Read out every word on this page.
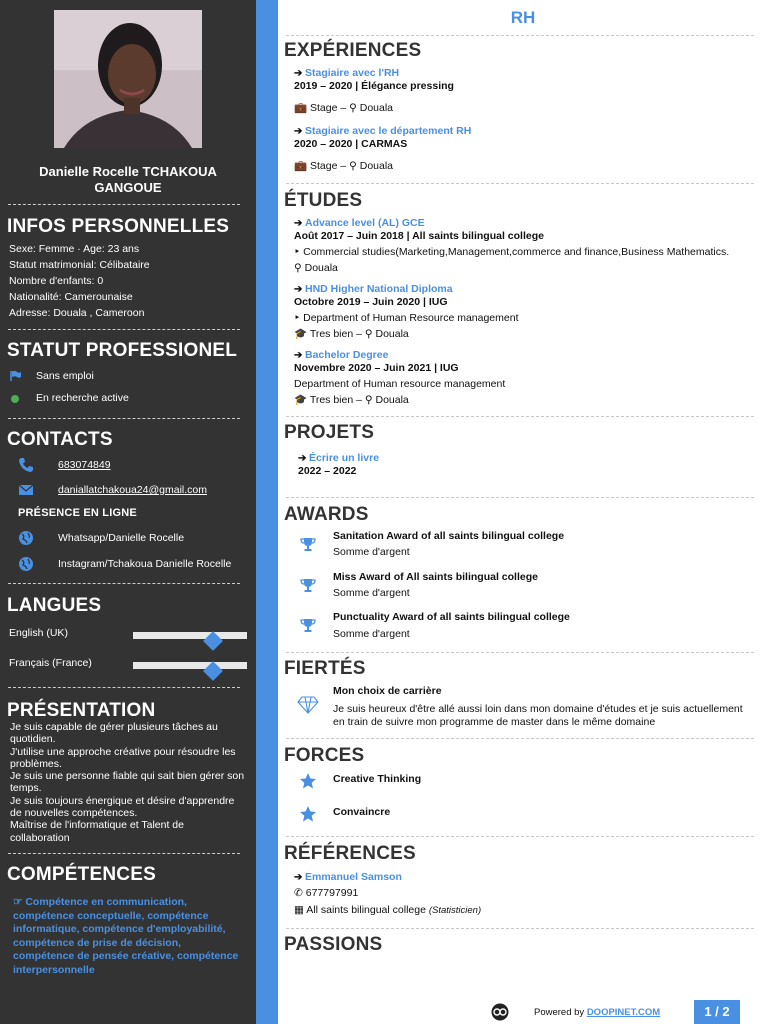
Danielle Rocelle TCHAKOUA
GANGOUE
INFOS PERSONNELLES
Sexe: Femme · Age: 23 ans
Statut matrimonial: Célibataire
Nombre d'enfants: 0
Nationalité: Camerounaise
Adresse: Douala , Cameroon
STATUT PROFESSIONEL
Sans emploi
En recherche active
CONTACTS
683074849
daniallatchakoua24@gmail.com
PRÉSENCE EN LIGNE
Whatsapp/Danielle Rocelle
Instagram/Tchakoua Danielle Rocelle
LANGUES
English (UK)
Français (France)
PRÉSENTATION
Je suis capable de gérer plusieurs tâches au quotidien.
J'utilise une approche créative pour résoudre les problèmes.
Je suis une personne fiable qui sait bien gérer son temps.
Je suis toujours énergique et désire d'apprendre de nouvelles compétences.
Maîtrise de l'informatique et Talent de collaboration
COMPÉTENCES
☞ Compétence en communication, compétence conceptuelle, compétence informatique, compétence d'employabilité, compétence de prise de décision, compétence de pensée créative, compétence interpersonnelle
RH
EXPÉRIENCES
➔ Stagiaire avec l'RH
2019 – 2020 | Élégance pressing
💼 Stage – ⚲ Douala
➔ Stagiaire avec le département RH
2020 – 2020 | CARMAS
💼 Stage – ⚲ Douala
ÉTUDES
➔ Advance level (AL) GCE
Août 2017 – Juin 2018 | All saints bilingual college
‣ Commercial studies(Marketing,Management,commerce and finance,Business Mathematics.
⚲ Douala
➔ HND Higher National Diploma
Octobre 2019 – Juin 2020 | IUG
‣ Department of Human Resource management
🎓 Tres bien – ⚲ Douala
➔ Bachelor Degree
Novembre 2020 – Juin 2021 | IUG
Department of Human resource management
🎓 Tres bien – ⚲ Douala
PROJETS
➔ Écrire un livre
2022 – 2022
AWARDS
Sanitation Award of all saints bilingual college
Somme d'argent
Miss Award of All saints bilingual college
Somme d'argent
Punctuality Award of all saints bilingual college
Somme d'argent
FIERTÉS
Mon choix de carrière
Je suis heureux d'être allé aussi loin dans mon domaine d'études et je suis actuellement en train de suivre mon programme de master dans le même domaine
FORCES
Creative Thinking
Convaincre
RÉFÉRENCES
➔ Emmanuel Samson
✆ 677797991
▦ All saints bilingual college (Statisticien)
PASSIONS
Powered by DOOPINET.COM	1 / 2
